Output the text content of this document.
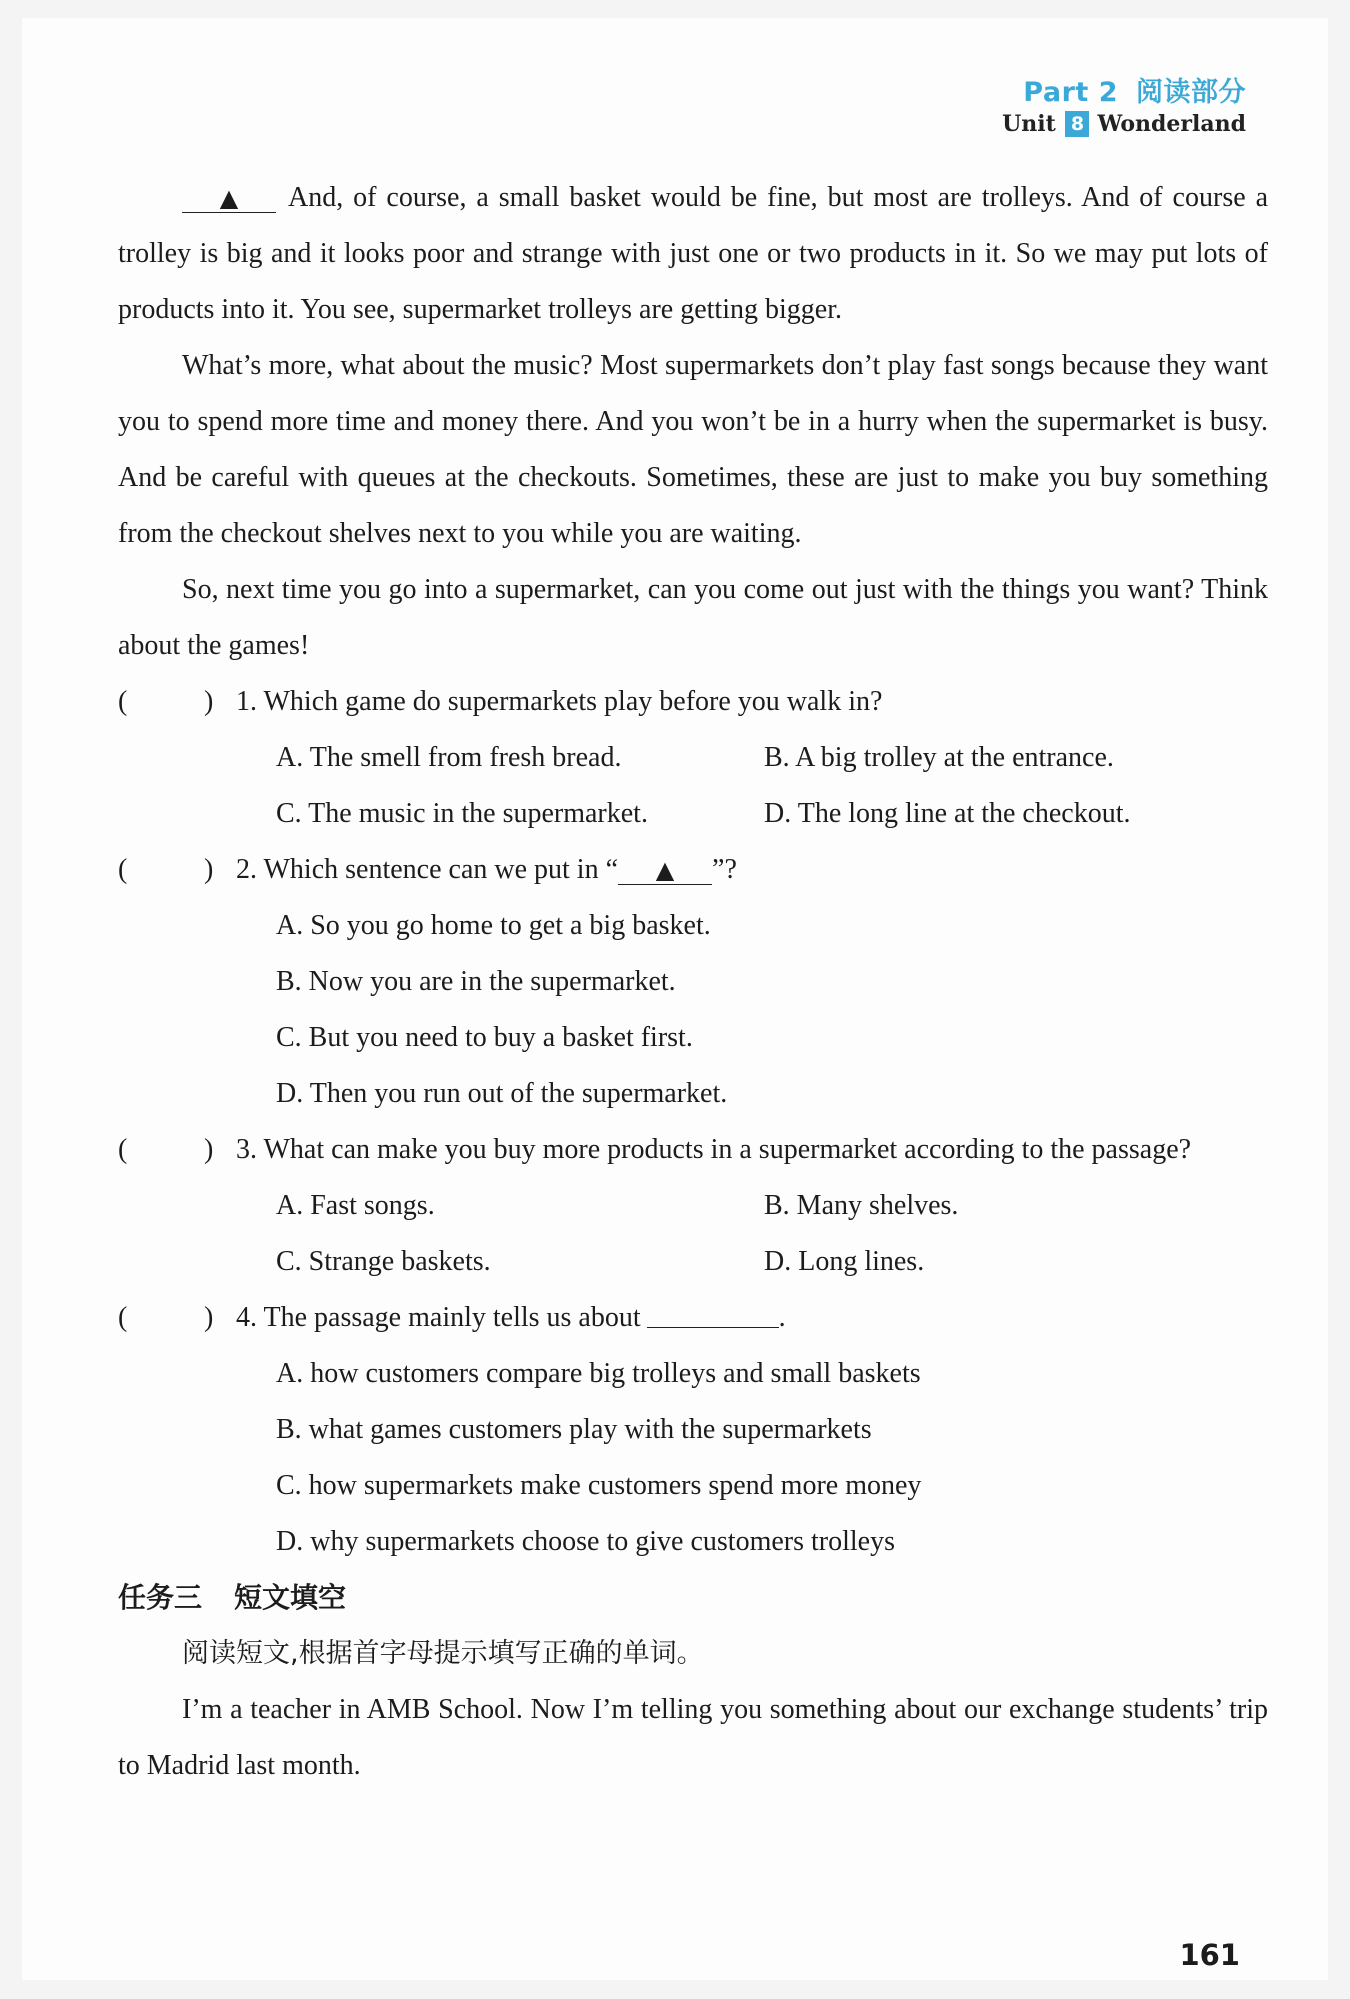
Part 2 阅读部分
Unit 8 Wonderland

▲ And, of course, a small basket would be fine, but most are trolleys. And of course a trolley is big and it looks poor and strange with just one or two products in it. So we may put lots of products into it. You see, supermarket trolleys are getting bigger.

What’s more, what about the music? Most supermarkets don’t play fast songs because they want you to spend more time and money there. And you won’t be in a hurry when the supermarket is busy. And be careful with queues at the checkouts. Sometimes, these are just to make you buy something from the checkout shelves next to you while you are waiting.

So, next time you go into a supermarket, can you come out just with the things you want? Think about the games!

(	) 1. Which game do supermarkets play before you walk in?
A. The smell from fresh bread.	B. A big trolley at the entrance.
C. The music in the supermarket.	D. The long line at the checkout.
(	) 2. Which sentence can we put in “ ▲ ”?
A. So you go home to get a big basket.
B. Now you are in the supermarket.
C. But you need to buy a basket first.
D. Then you run out of the supermarket.
(	) 3. What can make you buy more products in a supermarket according to the passage?

A. Fast songs.	B. Many shelves.
C. Strange baskets.	D. Long lines.
(	) 4. The passage mainly tells us about	.
A. how customers compare big trolleys and small baskets
B. what games customers play with the supermarkets
C. how supermarkets make customers spend more money
D. why supermarkets choose to give customers trolleys
任务三 短文填空

阅读短文,根据首字母提示填写正确的单词。

I’m a teacher in AMB School. Now I’m telling you something about our exchange students’ trip to Madrid last month.

161
